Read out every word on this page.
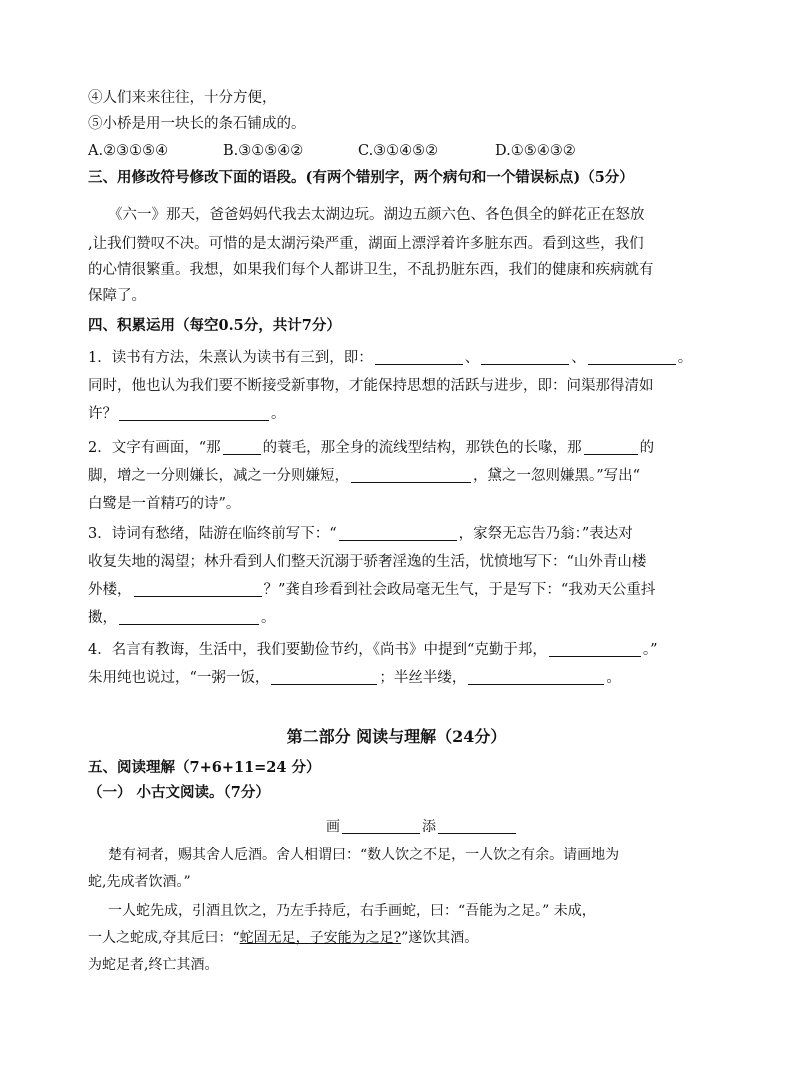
④人们来来往往，十分方便，
⑤小桥是用一块长的条石铺成的。
A.②③①⑤④	B.③①⑤④②	C.③①④⑤②	D.①⑤④③②
三、用修改符号修改下面的语段。(有两个错别字，两个病句和一个错误标点)（5分）
《六一》那天，爸爸妈妈代我去太湖边玩。湖边五颜六色、各色俱全的鲜花正在怒放
,让我们赞叹不决。可惜的是太湖污染严重，湖面上漂浮着许多脏东西。看到这些，我们
的心情很繁重。我想，如果我们每个人都讲卫生，不乱扔脏东西，我们的健康和疾病就有
保障了。
四、积累运用（每空0.5分，共计7分）
1．读书有方法，朱熹认为读书有三到，即：	、	、	。
同时，他也认为我们要不断接受新事物，才能保持思想的活跃与进步，即：问渠那得清如
许？	。
2．文字有画面，“那	的蓑毛，那全身的流线型结构，那铁色的长喙，那	的
脚，增之一分则嫌长，减之一分则嫌短，	，黛之一忽则嫌黑。”写出“
白鹭是一首精巧的诗”。
3．诗词有愁绪，陆游在临终前写下：“	，家祭无忘告乃翁：”表达对
收复失地的渴望；林升看到人们整天沉溺于骄奢淫逸的生活，忧愤地写下：“山外青山楼
外楼，	？”龚自珍看到社会政局毫无生气，于是写下：“我劝天公重抖
擞，	。
4．名言有教诲，生活中，我们要勤俭节约，《尚书》中提到“克勤于邦，	。”
朱用纯也说过，“一粥一饭，	；半丝半缕，	。
第二部分 阅读与理解（24分）
五、阅读理解（7+6+11=24 分）
（一） 小古文阅读。（7分）
画	添
楚有祠者，赐其舍人卮酒。舍人相谓曰：“数人饮之不足，一人饮之有余。请画地为
蛇,先成者饮酒。”
一人蛇先成，引酒且饮之，乃左手持卮，右手画蛇，曰：“吾能为之足。” 未成，
一人之蛇成,夺其卮曰：“蛇固无足，子安能为之足?”遂饮其酒。
为蛇足者,终亡其酒。
